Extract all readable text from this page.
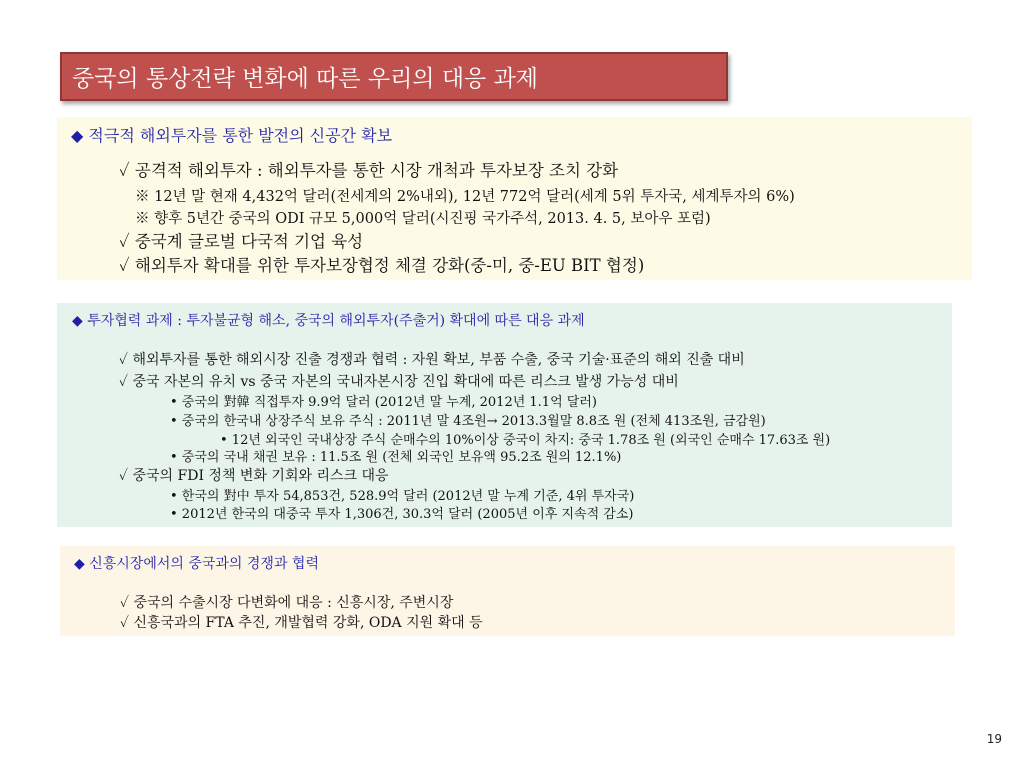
중국의 통상전략 변화에 따른 우리의 대응 과제
◆ 적극적 해외투자를 통한 발전의 신공간 확보
✓ 공격적 해외투자 : 해외투자를 통한 시장 개척과 투자보장 조치 강화
※ 12년 말 현재 4,432억 달러(전세계의 2%내외), 12년 772억 달러(세계 5위 투자국, 세계투자의 6%)
※ 향후 5년간 중국의 ODI 규모 5,000억 달러(시진핑 국가주석, 2013. 4. 5, 보아우 포럼)
✓ 중국계 글로벌 다국적 기업 육성
✓ 해외투자 확대를 위한 투자보장협정 체결 강화(중-미, 중-EU BIT 협정)
◆ 투자협력 과제 : 투자불균형 해소, 중국의 해외투자(주출거) 확대에 따른 대응 과제
✓ 해외투자를 통한 해외시장 진출 경쟁과 협력 : 자원 확보, 부품 수출, 중국 기술·표준의 해외 진출 대비
✓ 중국 자본의 유치 vs 중국 자본의 국내자본시장 진입 확대에 따른 리스크 발생 가능성 대비
• 중국의 對韓 직접투자 9.9억 달러 (2012년 말 누계, 2012년 1.1억 달러)
• 중국의 한국내 상장주식 보유 주식 : 2011년 말 4조원→ 2013.3월말 8.8조 원 (전체 413조원, 금감원)
• 12년 외국인 국내상장 주식 순매수의 10%이상 중국이 차지: 중국 1.78조 원 (외국인 순매수 17.63조 원)
• 중국의 국내 채권 보유 : 11.5조 원 (전체 외국인 보유액 95.2조 원의 12.1%)
✓ 중국의 FDI 정책 변화 기회와 리스크 대응
• 한국의 對中 투자 54,853건, 528.9억 달러 (2012년 말 누계 기준, 4위 투자국)
• 2012년 한국의 대중국 투자 1,306건, 30.3억 달러 (2005년 이후 지속적 감소)
◆ 신흥시장에서의 중국과의 경쟁과 협력
✓ 중국의 수출시장 다변화에 대응 : 신흥시장, 주변시장
✓ 신흥국과의 FTA 추진, 개발협력 강화, ODA 지원 확대 등
19
